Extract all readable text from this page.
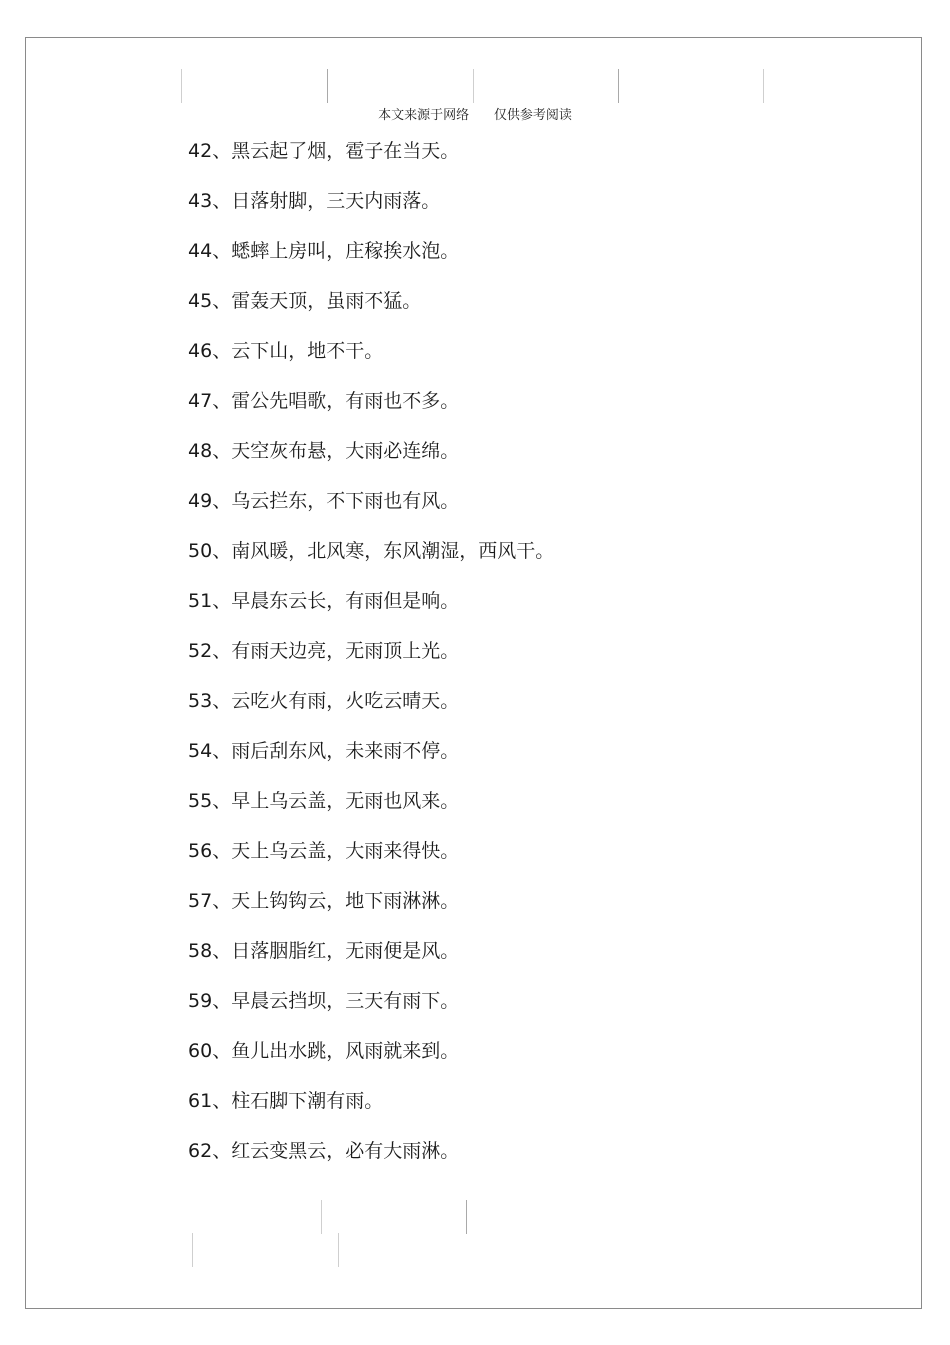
本文来源于网络      仅供参考阅读
42、黑云起了烟，雹子在当天。
43、日落射脚，三天内雨落。
44、蟋蟀上房叫，庄稼挨水泡。
45、雷轰天顶，虽雨不猛。
46、云下山，地不干。
47、雷公先唱歌，有雨也不多。
48、天空灰布悬，大雨必连绵。
49、乌云拦东，不下雨也有风。
50、南风暖，北风寒，东风潮湿，西风干。
51、早晨东云长，有雨但是响。
52、有雨天边亮，无雨顶上光。
53、云吃火有雨，火吃云晴天。
54、雨后刮东风，未来雨不停。
55、早上乌云盖，无雨也风来。
56、天上乌云盖，大雨来得快。
57、天上钩钩云，地下雨淋淋。
58、日落胭脂红，无雨便是风。
59、早晨云挡坝，三天有雨下。
60、鱼儿出水跳，风雨就来到。
61、柱石脚下潮有雨。
62、红云变黑云，必有大雨淋。
